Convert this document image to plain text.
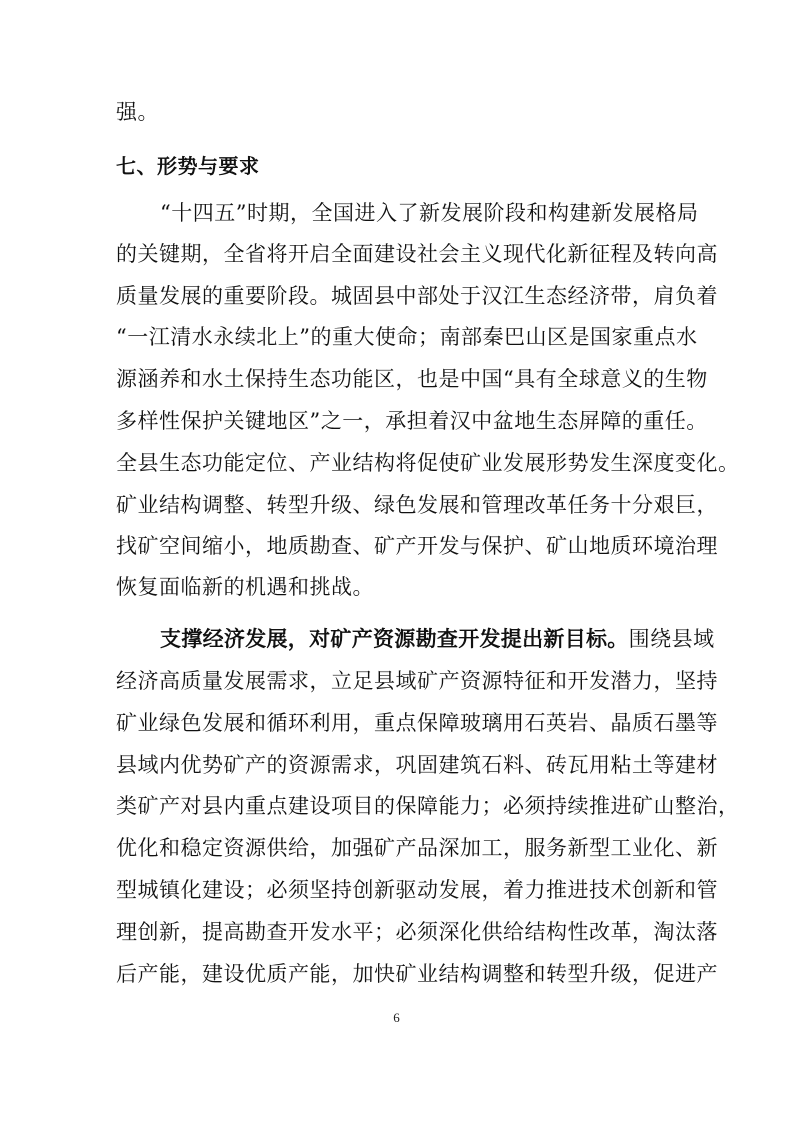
强。
七、形势与要求
“十四五”时期，全国进入了新发展阶段和构建新发展格局
的关键期，全省将开启全面建设社会主义现代化新征程及转向高
质量发展的重要阶段。城固县中部处于汉江生态经济带，肩负着
“一江清水永续北上”的重大使命；南部秦巴山区是国家重点水
源涵养和水土保持生态功能区，也是中国“具有全球意义的生物
多样性保护关键地区”之一，承担着汉中盆地生态屏障的重任。
全县生态功能定位、产业结构将促使矿业发展形势发生深度变化。
矿业结构调整、转型升级、绿色发展和管理改革任务十分艰巨，
找矿空间缩小，地质勘查、矿产开发与保护、矿山地质环境治理
恢复面临新的机遇和挑战。
支撑经济发展，对矿产资源勘查开发提出新目标。围绕县域
经济高质量发展需求，立足县域矿产资源特征和开发潜力，坚持
矿业绿色发展和循环利用，重点保障玻璃用石英岩、晶质石墨等
县域内优势矿产的资源需求，巩固建筑石料、砖瓦用粘土等建材
类矿产对县内重点建设项目的保障能力；必须持续推进矿山整治，
优化和稳定资源供给，加强矿产品深加工，服务新型工业化、新
型城镇化建设；必须坚持创新驱动发展，着力推进技术创新和管
理创新，提高勘查开发水平；必须深化供给结构性改革，淘汰落
后产能，建设优质产能，加快矿业结构调整和转型升级，促进产
6
